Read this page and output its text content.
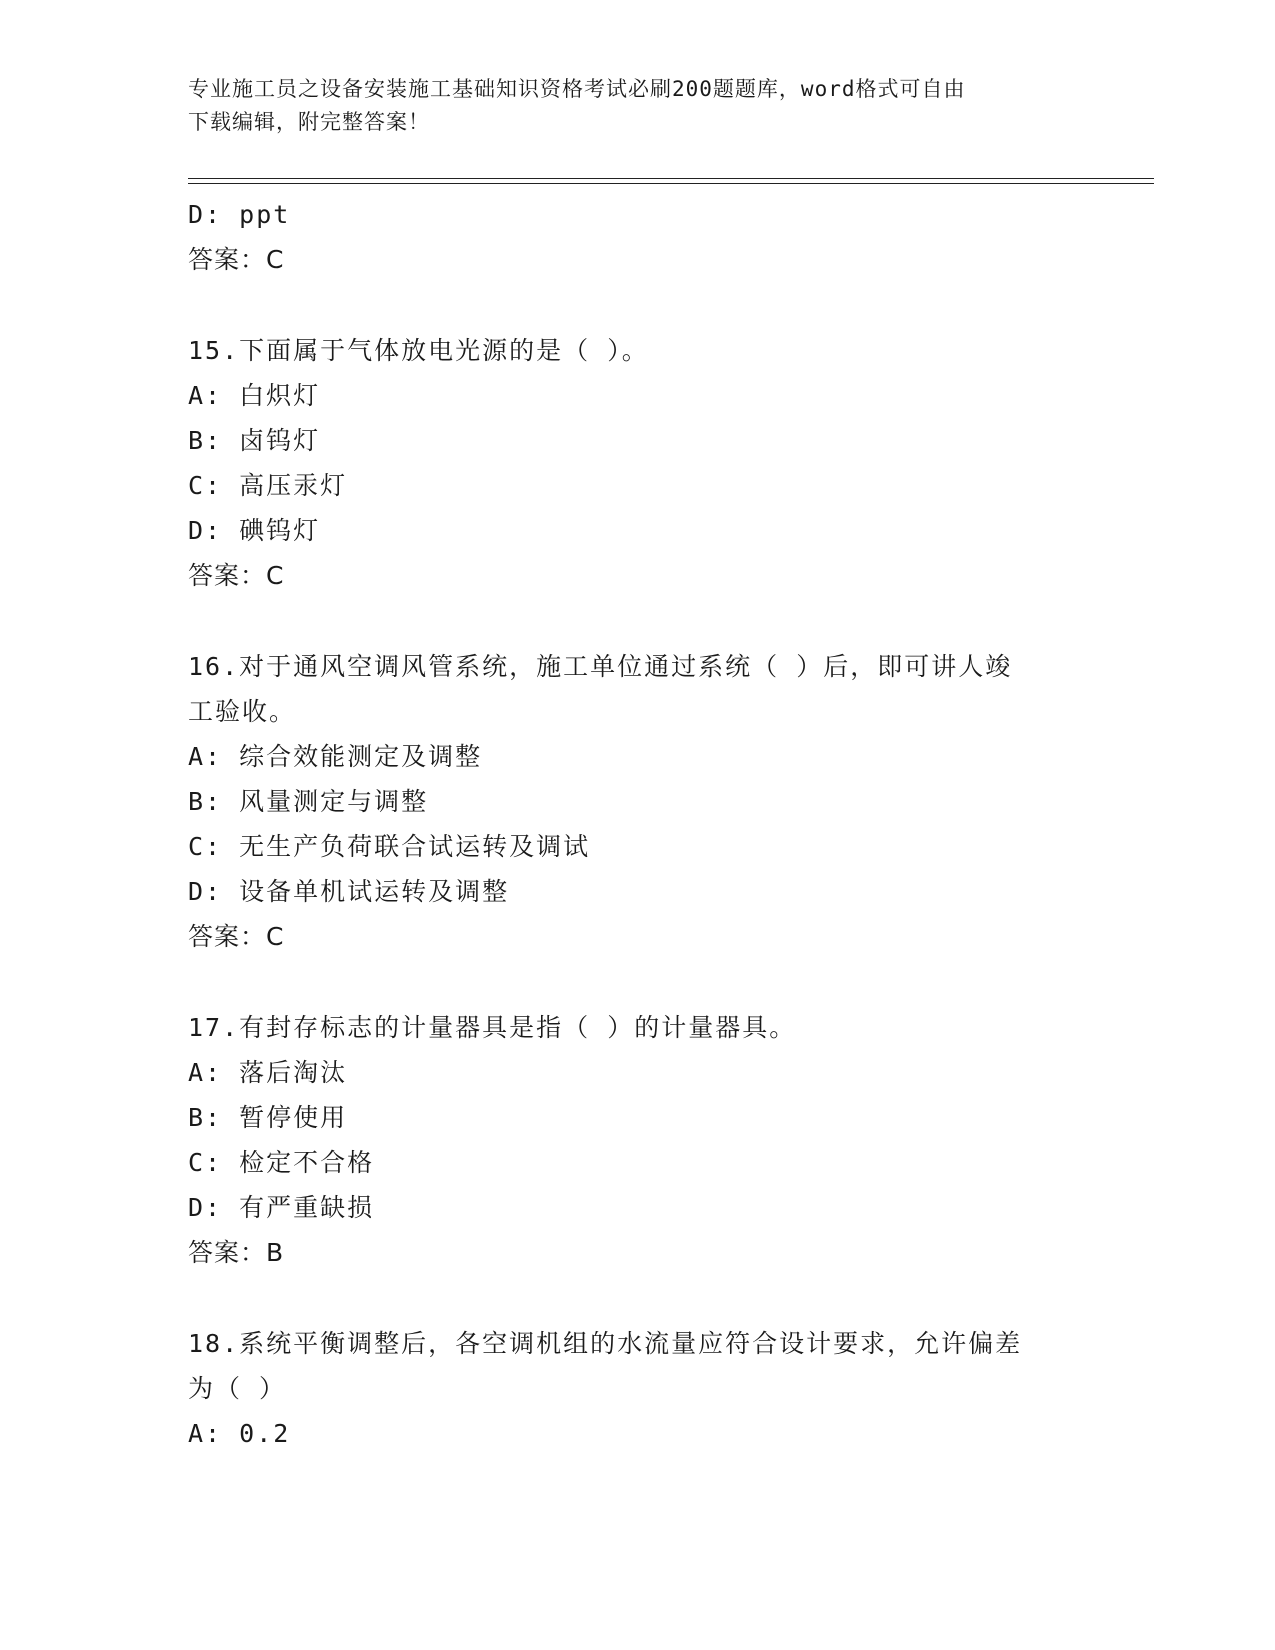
专业施工员之设备安装施工基础知识资格考试必刷200题题库，word格式可自由
下载编辑，附完整答案！
D: ppt
答案：C
15.下面属于气体放电光源的是（ ）。
A: 白炽灯
B: 卤钨灯
C: 高压汞灯
D: 碘钨灯
答案：C
16.对于通风空调风管系统，施工单位通过系统（ ）后，即可讲人竣
工验收。
A: 综合效能测定及调整
B: 风量测定与调整
C: 无生产负荷联合试运转及调试
D: 设备单机试运转及调整
答案：C
17.有封存标志的计量器具是指（ ）的计量器具。
A: 落后淘汰
B: 暂停使用
C: 检定不合格
D: 有严重缺损
答案：B
18.系统平衡调整后，各空调机组的水流量应符合设计要求，允许偏差
为（ ）
A: 0.2
